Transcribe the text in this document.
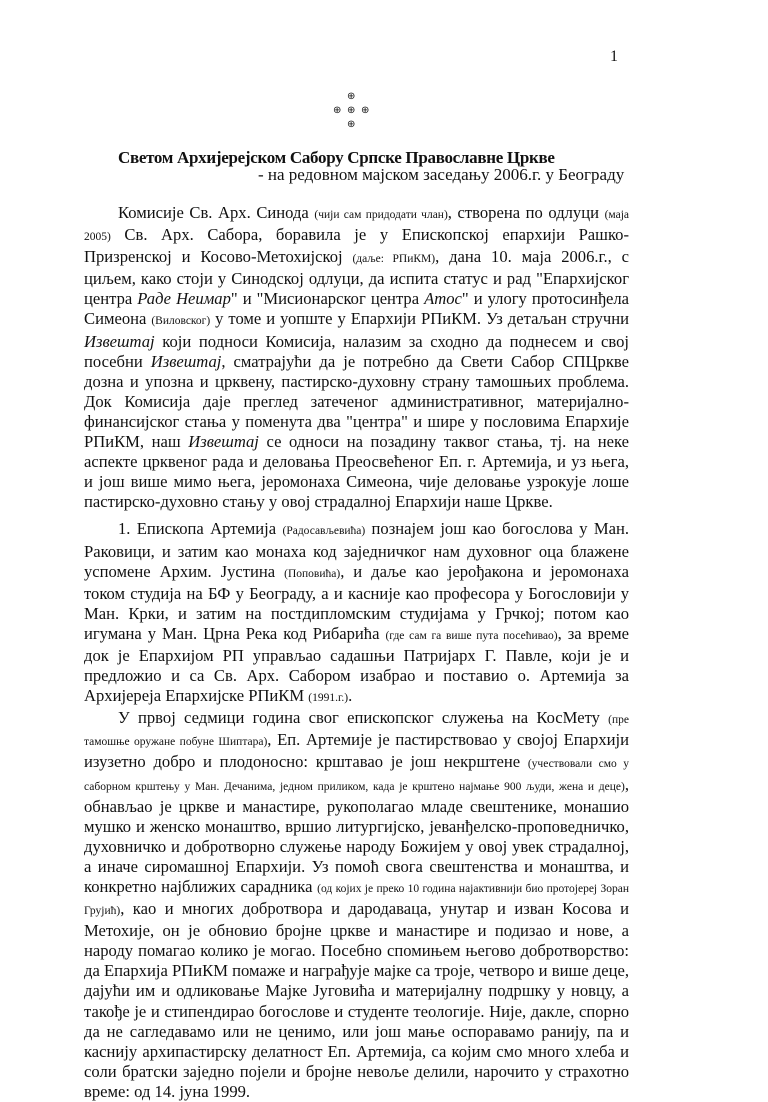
1
⊕
⊕ ⊕ ⊕
⊕
Светом Архијерејском Сабору Српске Православне Цркве
- на редовном мајском заседању 2006.г. у Београду

Комисије Св. Арх. Синода (чији сам придодати члан), створена по одлуци (маја 2005) Св. Арх. Сабора, боравила је у Епископској епархији Рашко-Призренској и Косово-Метохијској (даље: РПиКМ), дана 10. маја 2006.г., с циљем, како стоји у Синодској одлуци, да испита статус и рад "Епархијског центра Раде Неимар" и "Мисионарског центра Атос" и улогу протосинђела Симеона (Виловског) у томе и уопште у Епархији РПиКМ. Уз детаљан стручни Извештај који подноси Комисија, налазим за сходно да поднесем и свој посебни Извештај, сматрајући да је потребно да Свети Сабор СПЦркве дозна и упозна и црквену, пастирско-духовну страну тамошњих проблема. Док Комисија даје преглед затеченог административног, материјално-финансијског стања у поменута два "центра" и шире у пословима Епархије РПиКМ, наш Извештај се односи на позадину таквог стања, тј. на неке аспекте црквеног рада и деловања Преосвећеног Еп. г. Артемија, и уз њега, и још више мимо њега, јеромонаха Симеона, чије деловање узрокује лоше пастирско-духовно стању у овој страдалној Епархији наше Цркве.

1. Епископа Артемија (Радосављевића) познајем још као богослова у Ман. Раковици, и затим као монаха код заједничког нам духовног оца блажене успомене Архим. Јустина (Поповића), и даље као јерођакона и јеромонаха током студија на БФ у Београду, а и касније као професора у Богословији у Ман. Крки, и затим на постдипломским студијама у Грчкој; потом као игумана у Ман. Црна Река код Рибарића (где сам га више пута посећивао), за време док је Епархијом РП управљао садашњи Патријарх Г. Павле, који је и предложио и са Св. Арх. Сабором изабрао и поставио о. Артемија за Архијереја Епархијске РПиКМ (1991.г.).

У првој седмици година свог епископског служења на КосМету (пре тамошње оружане побуне Шиптара), Еп. Артемије је пастирствовао у својој Епархији изузетно добро и плодоносно: крштавао је још некрштене (учествовали смо у саборном крштењу у Ман. Дечанима, једном приликом, када је крштено најмање 900 људи, жена и деце), обнављао је цркве и манастире, рукополагао младе свештенике, монашио мушко и женско монаштво, вршио литургијско, јеванђелско-проповедничко, духовничко и добротворно служење народу Божијем у овој увек страдалној, а иначе сиромашној Епархији. Уз помоћ свога свештенства и монаштва, и конкретно најближих сарадника (од којих је преко 10 година најактивнији био протојереј Зоран Грујић), као и многих добротвора и дародаваца, унутар и изван Косова и Метохије, он је обновио бројне цркве и манастире и подизао и нове, а народу помагао колико је могао. Посебно спомињем његово добротворство: да Епархија РПиКМ помаже и награђује мајке са троје, четворо и више деце, дајући им и одликовање Мајке Југовића и материјалну подршку у новцу, а такође је и стипендирао богослове и студенте теологије. Није, дакле, спорно да не сагледавамо или не ценимо, или још мање оспоравамо ранију, па и каснију архипастирску делатност Еп. Артемија, са којим смо много хлеба и соли братски заједно појели и бројне невоље делили, нарочито у страхотно време: од 14. јуна 1999.
